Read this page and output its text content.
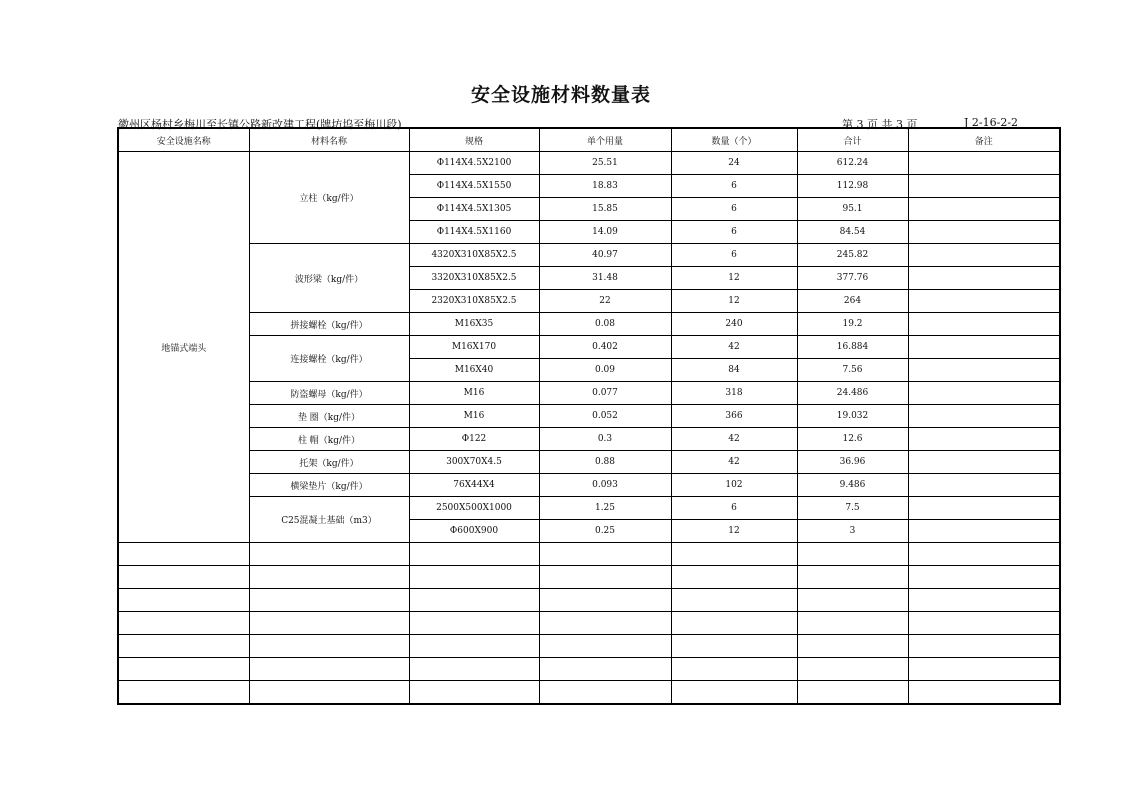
安全设施材料数量表
徽州区杨村乡梅川至长镇公路新改建工程(牌坊坞至梅川段)	第 3 页 共 3 页	J 2-16-2-2
安全设施名称	材料名称	规格	单个用量	数量（个）	合计	备注
地锚式端头	立柱（kg/件）	Φ114X4.5X2100	25.51	24	612.24	
		Φ114X4.5X1550	18.83	6	112.98	
		Φ114X4.5X1305	15.85	6	95.1	
		Φ114X4.5X1160	14.09	6	84.54	
	波形梁（kg/件）	4320X310X85X2.5	40.97	6	245.82	
		3320X310X85X2.5	31.48	12	377.76	
		2320X310X85X2.5	22	12	264	
	拼接螺栓（kg/件）	M16X35	0.08	240	19.2	
	连接螺栓（kg/件）	M16X170	0.402	42	16.884	
		M16X40	0.09	84	7.56	
	防盗螺母（kg/件）	M16	0.077	318	24.486	
	垫 圈（kg/件）	M16	0.052	366	19.032	
	柱 帽（kg/件）	Φ122	0.3	42	12.6	
	托架（kg/件）	300X70X4.5	0.88	42	36.96	
	横梁垫片（kg/件）	76X44X4	0.093	102	9.486	
	C25混凝土基础（m3）	2500X500X1000	1.25	6	7.5	
		Φ600X900	0.25	12	3	
